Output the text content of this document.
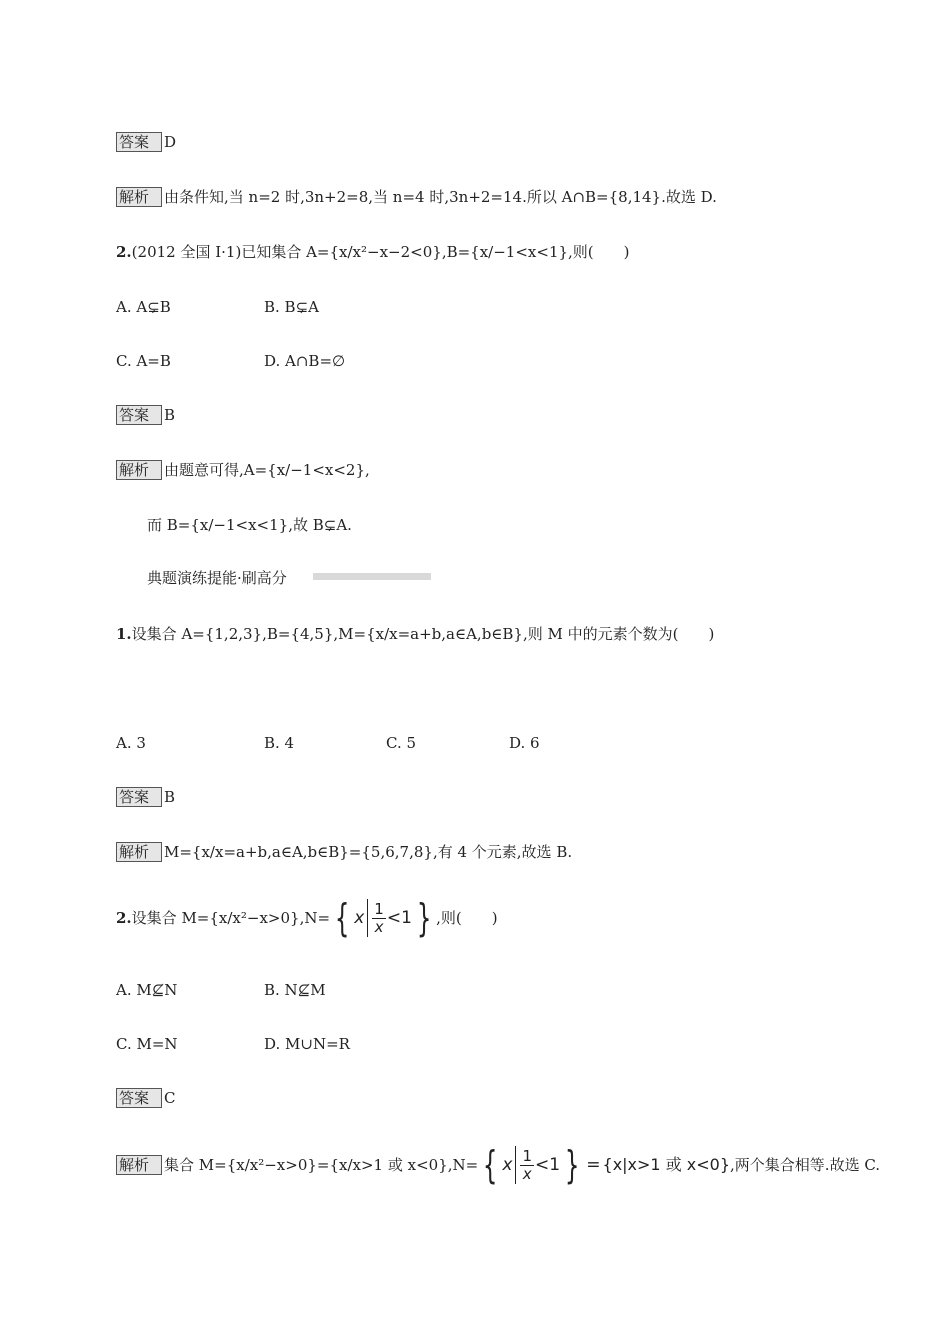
答案 D
解析 由条件知,当 n=2 时,3n+2=8,当 n=4 时,3n+2=14.所以 A∩B={8,14}.故选 D.
2.(2012 全国 Ⅰ·1)已知集合 A={x/x²−x−2<0},B={x/−1<x<1},则(　　)
A. A⊊B	B. B⊊A
C. A=B	D. A∩B=∅
答案 B
解析 由题意可得,A={x/−1<x<2},
而 B={x/−1<x<1},故 B⊊A.
典题演练提能·刷高分
1.设集合 A={1,2,3},B={4,5},M={x/x=a+b,a∈A,b∈B},则 M 中的元素个数为(　　)
A. 3	B. 4	C. 5	D. 6
答案 B
解析 M={x/x=a+b,a∈A,b∈B}={5,6,7,8},有 4 个元素,故选 B.
2. 设集合 M={x/x²−x>0},N= { x $\frac{1}{x} <1$ } ,则(　　)
A. M⊈N	B. N⊈M
C. M=N	D. M∪N=R
答案 C
解析 集合 M={x/x²−x>0}={x/x>1 或 x<0},N= { x $\frac{1}{x} <1$ } = {x|x>1 或 x<0} ,两个集合相等.故选 C.
